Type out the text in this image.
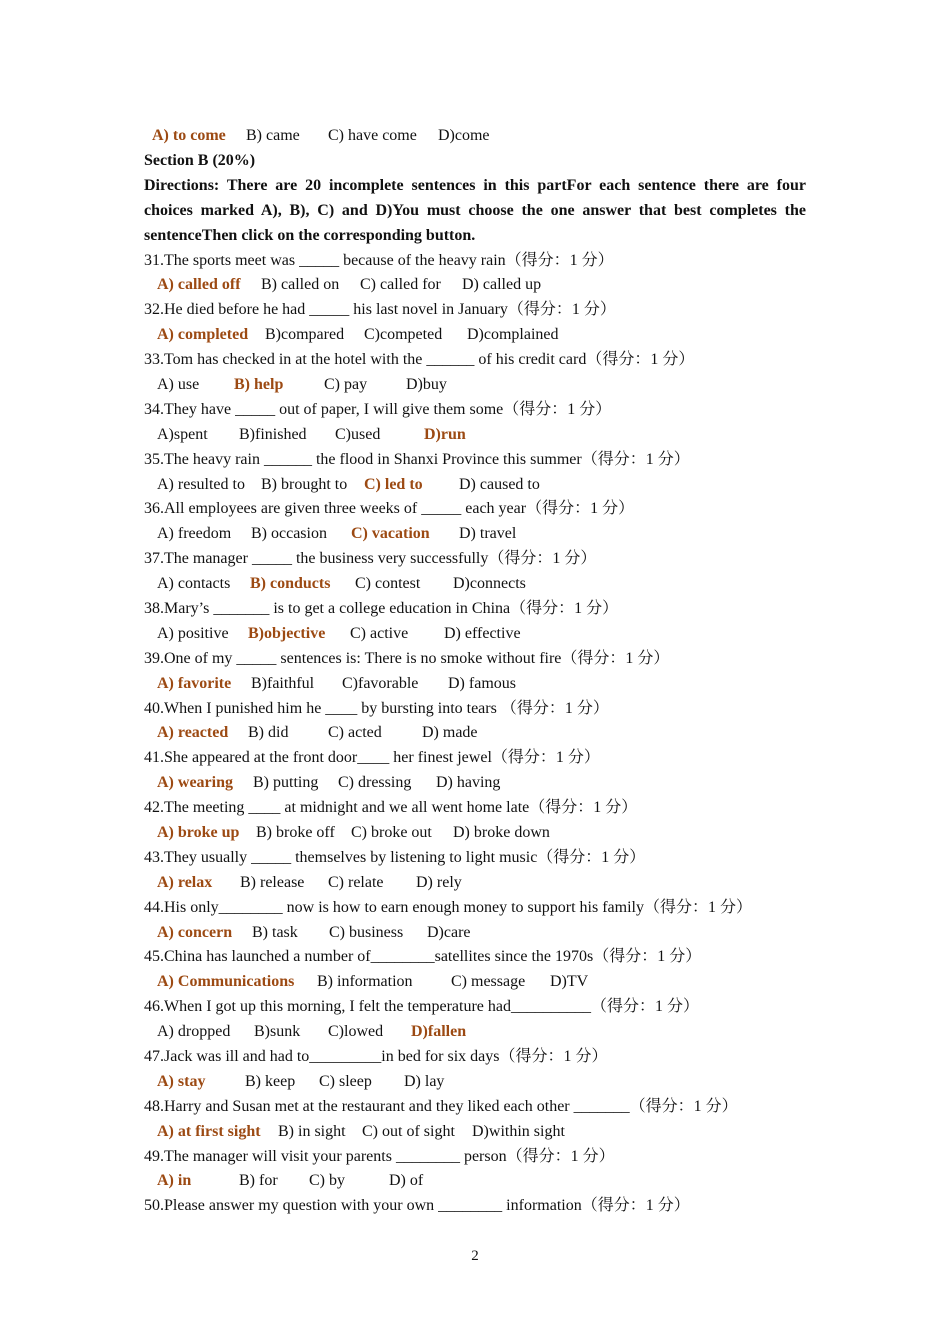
A) to come B) came C) have come D)come
Section B (20%)
Directions: There are 20 incomplete sentences in this partFor each sentence there are four choices marked A), B), C) and D)You must choose the one answer that best completes the sentenceThen click on the corresponding button.
31.The sports meet was _____ because of the heavy rain（得分：1 分）
A) called off B) called on C) called for D) called up
32.He died before he had _____ his last novel in January（得分：1 分）
A) completed B)compared C)competed D)complained
33.Tom has checked in at the hotel with the ______ of his credit card（得分：1 分）
A) use B) help	C) pay D)buy
34.They have _____ out of paper, I will give them some（得分：1 分）
A)spent B)finished C)used	D)run
35.The heavy rain ______ the flood in Shanxi Province this summer（得分：1 分）
A) resulted to B) brought to C) led to D) caused to
36.All employees are given three weeks of _____ each year（得分：1 分）
A) freedom B) occasion C) vacation D) travel
37.The manager _____ the business very successfully（得分：1 分）
A) contacts B) conducts C) contest D)connects
38.Mary’s _______ is to get a college education in China（得分：1 分）
A) positive B)objective C) active D) effective
39.One of my _____ sentences is: There is no smoke without fire（得分：1 分）
A) favorite B)faithful C)favorable D) famous
40.When I punished him he ____ by bursting into tears （得分：1 分）
A) reacted B) did C) acted	D) made
41.She appeared at the front door____ her finest jewel（得分：1 分）
A) wearing B) putting C) dressing D) having
42.The meeting ____ at midnight and we all went home late（得分：1 分）
A) broke up B) broke off C) broke out D) broke down
43.They usually _____ themselves by listening to light music（得分：1 分）
A) relax B) release C) relate D) rely
44.His only________ now is how to earn enough money to support his family（得分：1 分）
A) concern B) task C) business D)care
45.China has launched a number of________satellites since the 1970s（得分：1 分）
A) Communications B) information C) message D)TV
46.When I got up this morning, I felt the temperature had__________（得分：1 分）
A) dropped B)sunk C)lowed D)fallen
47.Jack was ill and had to_________in bed for six days（得分：1 分）
A) stay B) keep C) sleep D) lay
48.Harry and Susan met at the restaurant and they liked each other _______（得分：1 分）
A) at first sight B) in sight C) out of sight D)within sight
49.The manager will visit your parents ________ person（得分：1 分）
A) in	B) for C) by	D) of
50.Please answer my question with your own ________ information（得分：1 分）
2
